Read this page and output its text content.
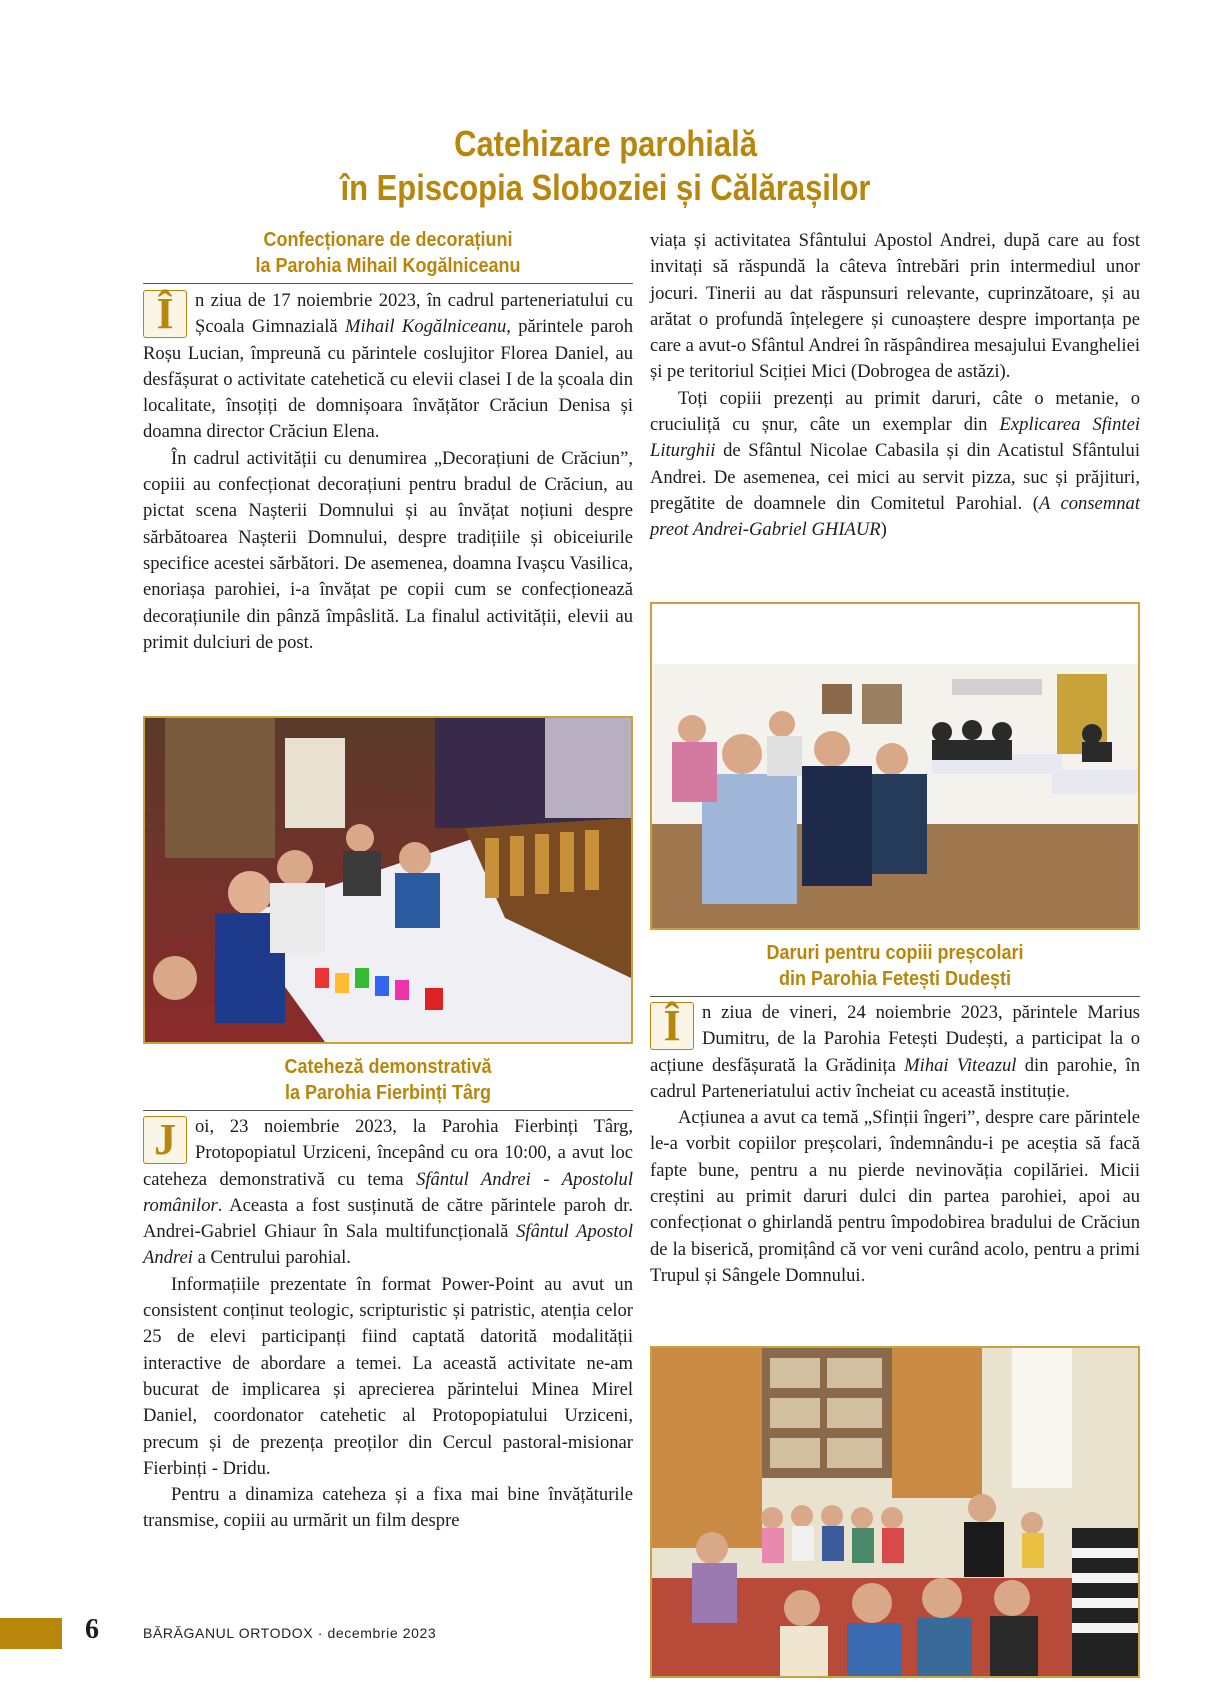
Catehizare parohială
în Episcopia Sloboziei și Călărașilor
Confecționare de decorațiuni
la Parohia Mihail Kogălniceanu

Î	n ziua de 17 noiembrie 2023, în cadrul parteneriatului cu Școala Gimnazială Mihail Kogălniceanu, părintele paroh Roșu Lucian, împreună cu părintele coslujitor Florea Daniel, au desfășurat o activitate catehetică cu elevii clasei I de la școala din localitate, însoțiți de domnișoara învățător Crăciun Denisa și doamna director Crăciun Elena.

În cadrul activității cu denumirea „Decorațiuni de Crăciun”, copiii au confecționat decorațiuni pentru bradul de Crăciun, au pictat scena Nașterii Domnului și au învățat noțiuni despre sărbătoarea Nașterii Domnului, despre tradițiile și obiceiurile specifice acestei sărbători. De asemenea, doamna Ivașcu Vasilica, enoriașa parohiei, i-a învățat pe copii cum se confecționează decorațiunile din pânză împâslită. La finalul activității, elevii au primit dulciuri de post.

Cateheză demonstrativă
la Parohia Fierbinți Târg

J	oi, 23 noiembrie 2023, la Parohia Fierbinți Târg, Protopopiatul Urziceni, începând cu ora 10:00, a avut loc cateheza demonstrativă cu tema Sfântul Andrei - Apostolul românilor. Aceasta a fost susținută de către părintele paroh dr. Andrei-Gabriel Ghiaur în Sala multifuncțională Sfântul Apostol Andrei a Centrului parohial.

Informațiile prezentate în format Power-Point au avut un consistent conținut teologic, scripturistic și patristic, atenția celor 25 de elevi participanți fiind captată datorită modalității interactive de abordare a temei. La această activitate ne-am bucurat de implicarea și aprecierea părintelui Minea Mirel Daniel, coordonator catehetic al Protopopiatului Urziceni, precum și de prezența preoților din Cercul pastoral-misionar Fierbinți - Dridu.

Pentru a dinamiza cateheza și a fixa mai bine învățăturile transmise, copiii au urmărit un film despre

viața și activitatea Sfântului Apostol Andrei, după care au fost invitați să răspundă la câteva întrebări prin intermediul unor jocuri. Tinerii au dat răspunsuri relevante, cuprinzătoare, și au arătat o profundă înțelegere și cunoaștere despre importanța pe care a avut-o Sfântul Andrei în răspândirea mesajului Evangheliei și pe teritoriul Sciției Mici (Dobrogea de astăzi).

Toți copiii prezenți au primit daruri, câte o metanie, o cruciuliță cu șnur, câte un exemplar din Explicarea Sfintei Liturghii de Sfântul Nicolae Cabasila și din Acatistul Sfântului Andrei. De asemenea, cei mici au servit pizza, suc și prăjituri, pregătite de doamnele din Comitetul Parohial. (A consemnat preot Andrei-Gabriel GHIAUR)

Daruri pentru copiii preșcolari
din Parohia Fetești Dudești

Î	n ziua de vineri, 24 noiembrie 2023, părintele Marius Dumitru, de la Parohia Fetești Dudești, a participat la o acțiune desfășurată la Grădinița Mihai Viteazul din parohie, în cadrul Parteneriatului activ încheiat cu această instituție.

Acțiunea a avut ca temă „Sfinții îngeri”, despre care părintele le-a vorbit copiilor preșcolari, îndemnându-i pe aceștia să facă fapte bune, pentru a nu pierde nevinovăția copilăriei. Micii creștini au primit daruri dulci din partea parohiei, apoi au confecționat o ghirlandă pentru împodobirea bradului de Crăciun de la biserică, promițând că vor veni curând acolo, pentru a primi Trupul și Sângele Domnului.

6	BĂRĂGANUL ORTODOX · decembrie 2023
